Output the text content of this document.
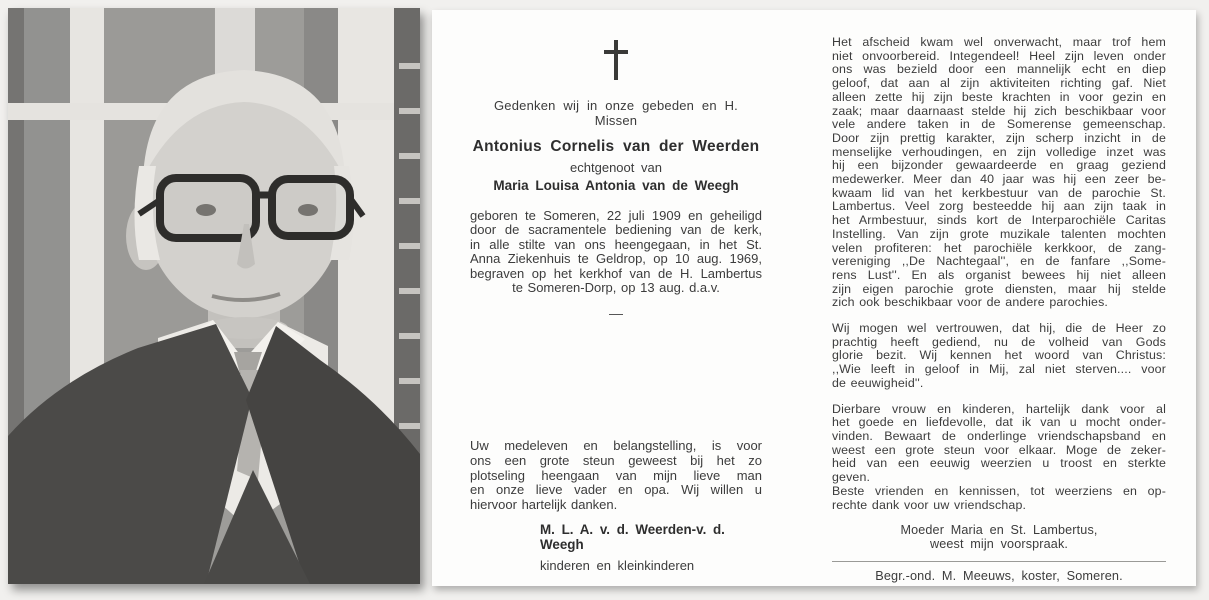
Gedenken wij in onze gebeden en H. Missen
Antonius Cornelis van der Weerden
echtgenoot van
Maria Louisa Antonia van de Weegh
geboren te Someren, 22 juli 1909 en geheiligd
door de sacramentele bediening van de kerk,
in alle stilte van ons heengegaan, in het St.
Anna Ziekenhuis te Geldrop, op 10 aug. 1969,
begraven op het kerkhof van de H. Lambertus
te Someren-Dorp, op 13 aug. d.a.v.
—
Uw medeleven en belangstelling, is voor
ons een grote steun geweest bij het zo
plotseling heengaan van mijn lieve man
en onze lieve vader en opa. Wij willen u
hiervoor hartelijk danken.
M. L. A. v. d. Weerden-v. d. Weegh
kinderen en kleinkinderen
Het afscheid kwam wel onverwacht, maar trof hem
niet onvoorbereid. Integendeel! Heel zijn leven onder
ons was bezield door een mannelijk echt en diep
geloof, dat aan al zijn aktiviteiten richting gaf. Niet
alleen zette hij zijn beste krachten in voor gezin en
zaak; maar daarnaast stelde hij zich beschikbaar voor
vele andere taken in de Somerense gemeenschap.
Door zijn prettig karakter, zijn scherp inzicht in de
menselijke verhoudingen, en zijn volledige inzet was
hij een bijzonder gewaardeerde en graag geziend
medewerker. Meer dan 40 jaar was hij een zeer be-
kwaam lid van het kerkbestuur van de parochie St.
Lambertus. Veel zorg besteedde hij aan zijn taak in
het Armbestuur, sinds kort de Interparochiële Caritas
Instelling. Van zijn grote muzikale talenten mochten
velen profiteren: het parochiële kerkkoor, de zang-
vereniging ,,De Nachtegaal'', en de fanfare ,,Some-
rens Lust''. En als organist bewees hij niet alleen
zijn eigen parochie grote diensten, maar hij stelde
zich ook beschikbaar voor de andere parochies.
Wij mogen wel vertrouwen, dat hij, die de Heer zo
prachtig heeft gediend, nu de volheid van Gods
glorie bezit. Wij kennen het woord van Christus:
,,Wie leeft in geloof in Mij, zal niet sterven.... voor
de eeuwigheid''.
Dierbare vrouw en kinderen, hartelijk dank voor al
het goede en liefdevolle, dat ik van u mocht onder-
vinden. Bewaart de onderlinge vriendschapsband en
weest een grote steun voor elkaar. Moge de zeker-
heid van een eeuwig weerzien u troost en sterkte
geven.
Beste vrienden en kennissen, tot weerziens en op-
rechte dank voor uw vriendschap.
Moeder Maria en St. Lambertus,
weest mijn voorspraak.
Begr.-ond. M. Meeuws, koster, Someren.
